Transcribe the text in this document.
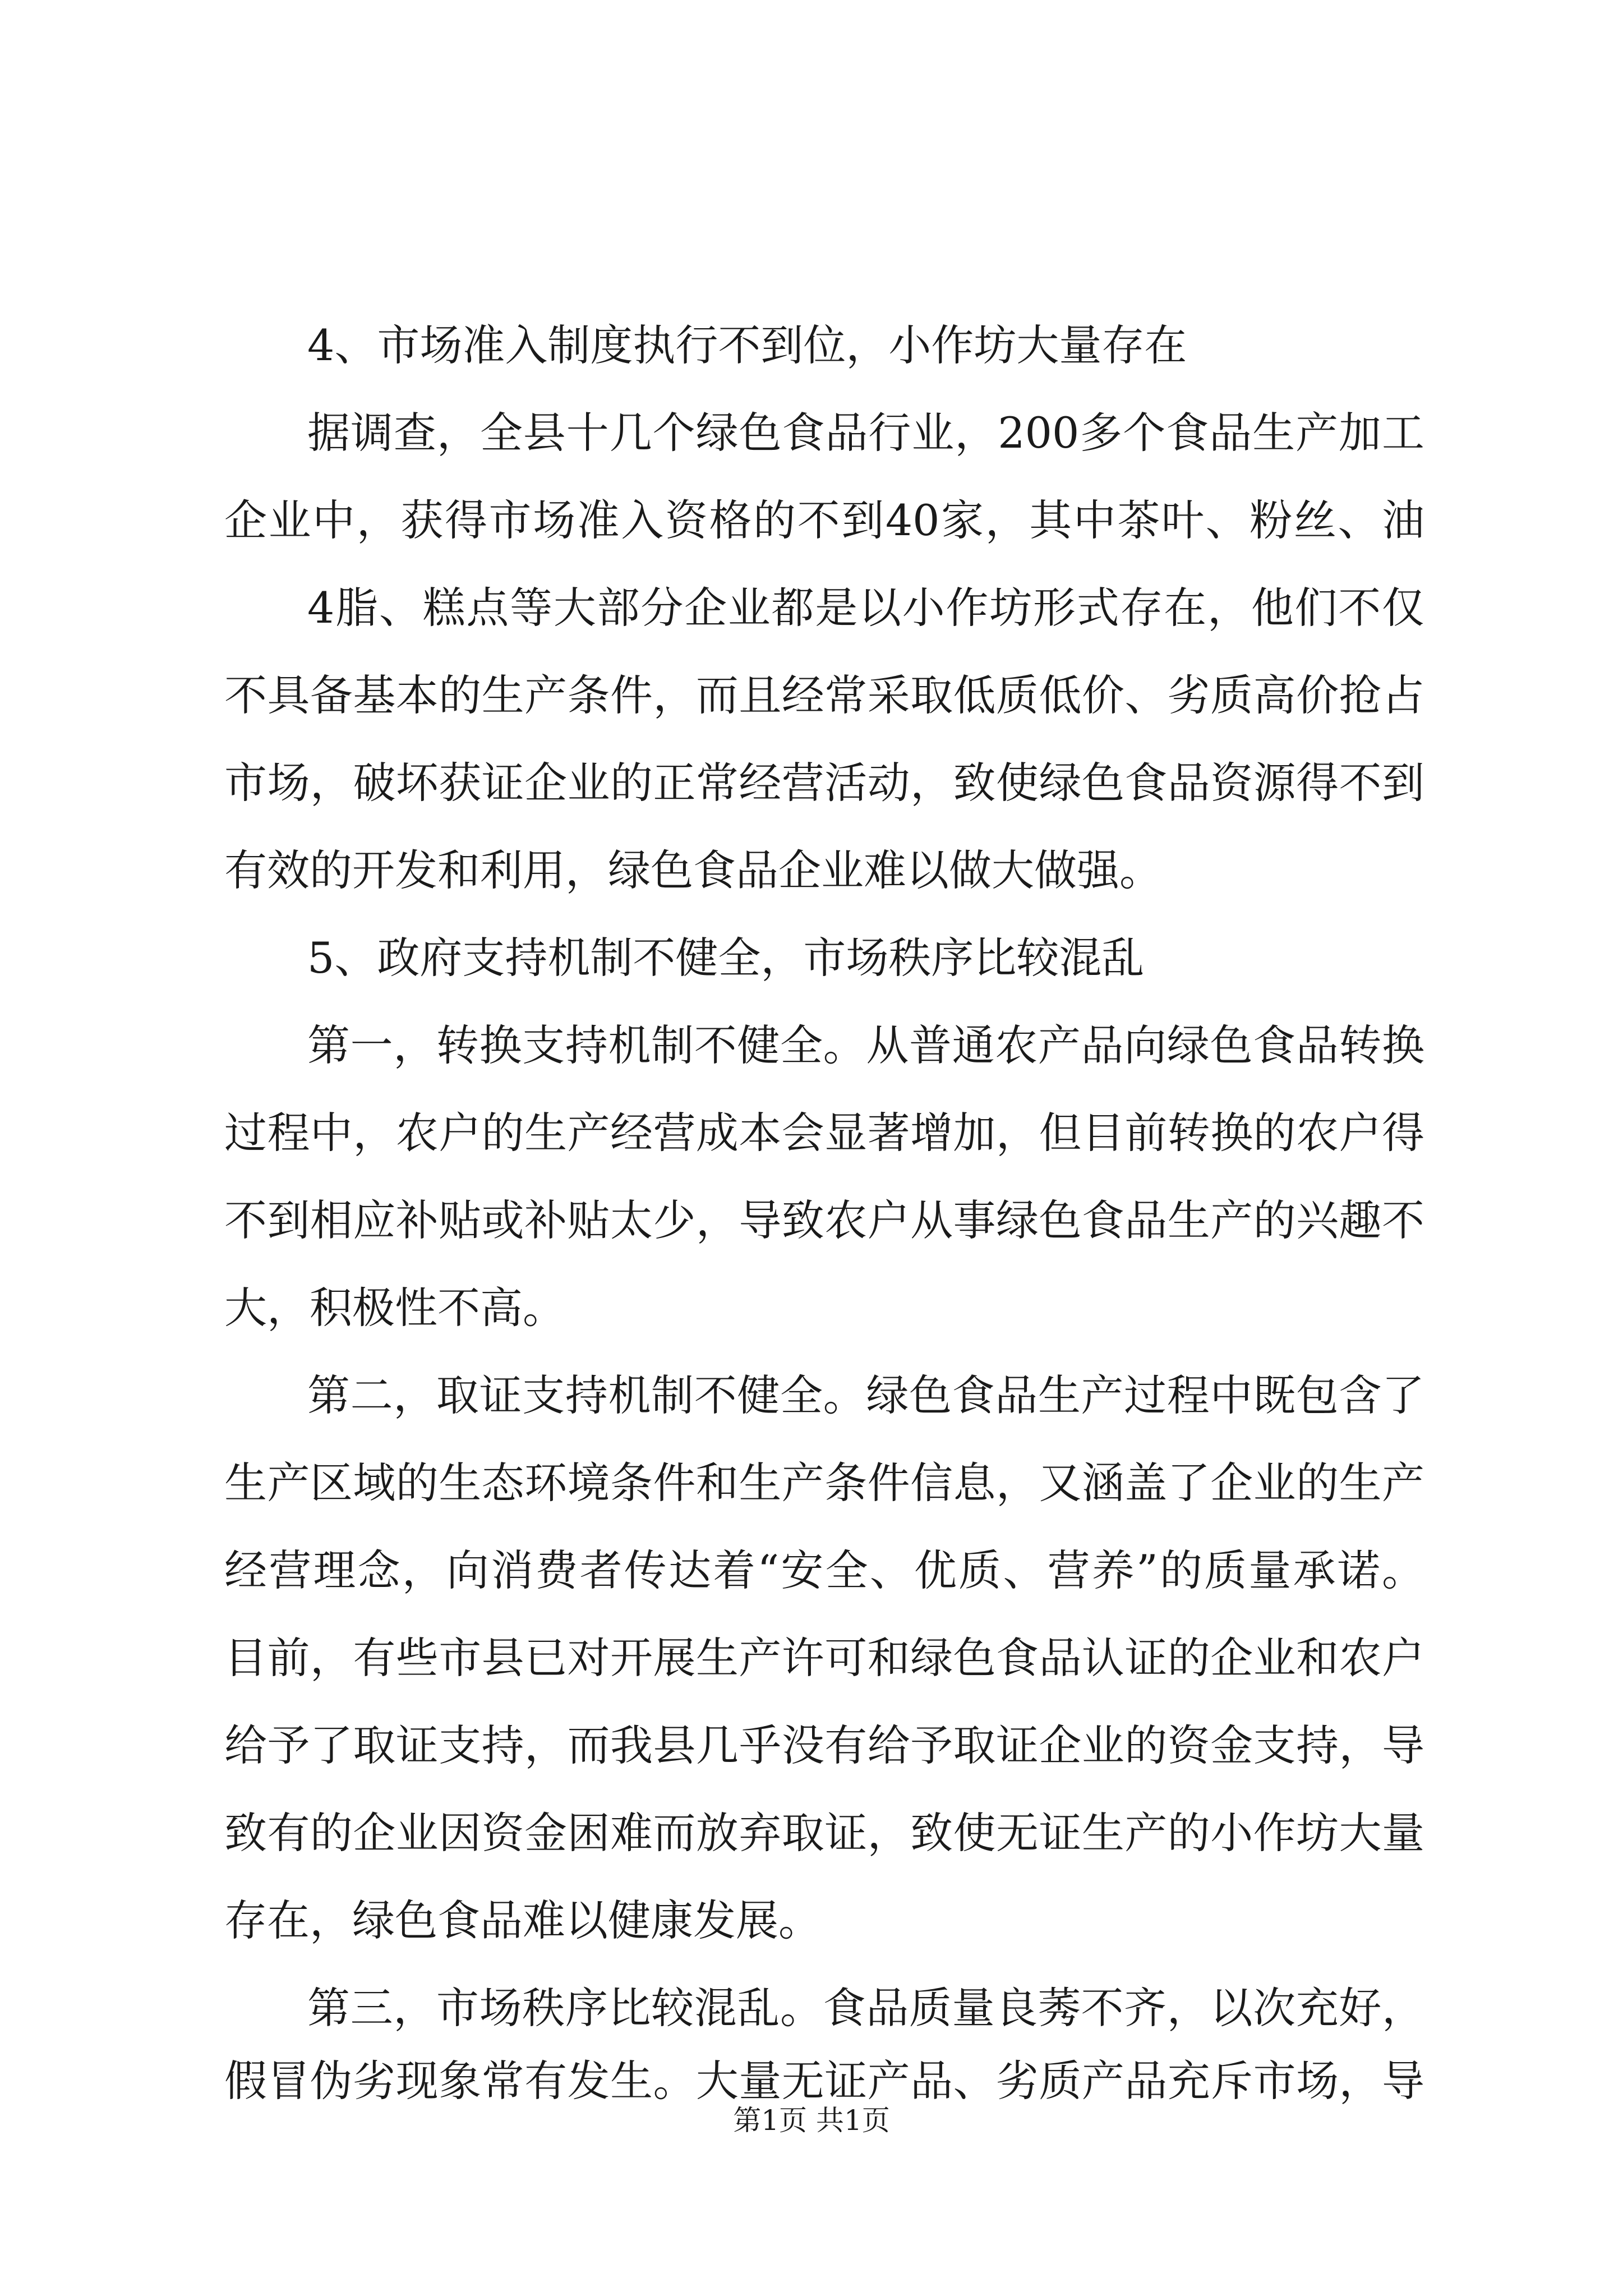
4、市场准入制度执行不到位，小作坊大量存在
据调查，全县十几个绿色食品行业，200多个食品生产加工
企业中，获得市场准入资格的不到40家，其中茶叶、粉丝、油
4脂、糕点等大部分企业都是以小作坊形式存在，他们不仅
不具备基本的生产条件，而且经常采取低质低价、劣质高价抢占
市场，破坏获证企业的正常经营活动，致使绿色食品资源得不到
有效的开发和利用，绿色食品企业难以做大做强。
5、政府支持机制不健全，市场秩序比较混乱
第一，转换支持机制不健全。从普通农产品向绿色食品转换
过程中，农户的生产经营成本会显著增加，但目前转换的农户得
不到相应补贴或补贴太少，导致农户从事绿色食品生产的兴趣不
大，积极性不高。
第二，取证支持机制不健全。绿色食品生产过程中既包含了
生产区域的生态环境条件和生产条件信息，又涵盖了企业的生产
经营理念，向消费者传达着“安全、优质、营养”的质量承诺。
目前，有些市县已对开展生产许可和绿色食品认证的企业和农户
给予了取证支持，而我县几乎没有给予取证企业的资金支持，导
致有的企业因资金困难而放弃取证，致使无证生产的小作坊大量
存在，绿色食品难以健康发展。
第三，市场秩序比较混乱。食品质量良莠不齐，以次充好，
假冒伪劣现象常有发生。大量无证产品、劣质产品充斥市场，导
第1页 共1页
